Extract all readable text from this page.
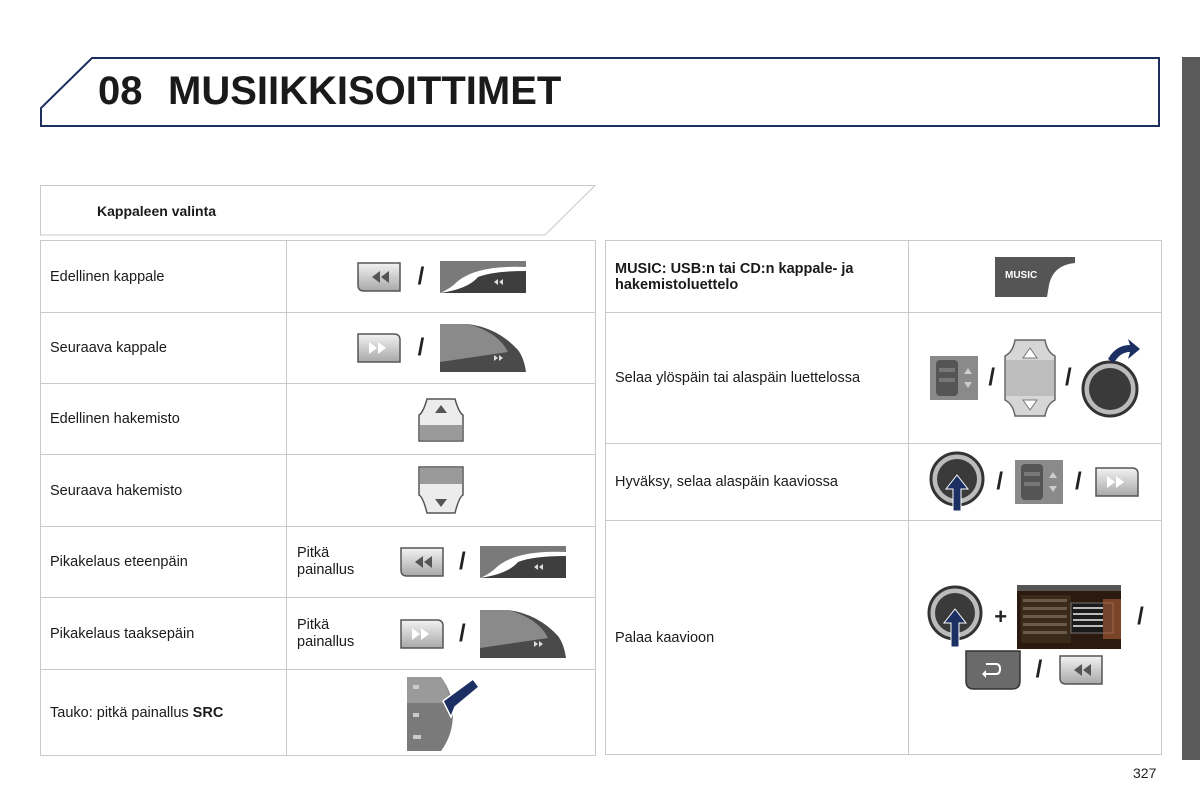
08 MUSIIKKISOITTIMET
Kappaleen valinta
Edellinen kappale	/

Seuraava kappale	/

Edellinen hakemisto	

Seuraava hakemisto	

Pikakelaus eteenpäin	Pitkä
painallus /

Pikakelaus taaksepäin	Pitkä
painallus /

Tauko: pitkä painallus SRC	
MUSIC: USB:n tai CD:n kappale- ja
hakemistoluettelo	MUSIC

Selaa ylöspäin tai alaspäin luettelossa	/ /

Hyväksy, selaa alaspäin kaaviossa	/ /

Palaa kaavioon	+ /
/
327
